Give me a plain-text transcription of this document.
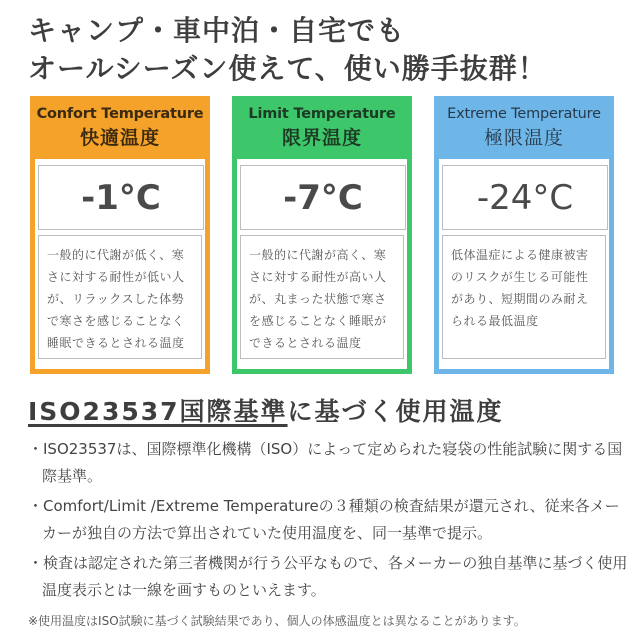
キャンプ・車中泊・自宅でも
オールシーズン使えて、使い勝手抜群！
Confort Temperature
快適温度
-1°C
一般的に代謝が低く、寒さに対する耐性が低い人が、リラックスした体勢で寒さを感じることなく睡眠できるとされる温度
Limit Temperature
限界温度
-7°C
一般的に代謝が高く、寒さに対する耐性が高い人が、丸まった状態で寒さを感じることなく睡眠ができるとされる温度
Extreme Temperature
極限温度
-24°C
低体温症による健康被害のリスクが生じる可能性があり、短期間のみ耐えられる最低温度
ISO23537国際基準に基づく使用温度
・ISO23537は、国際標準化機構（ISO）によって定められた寝袋の性能試験に関する国際基準。
・Comfort/Limit /Extreme Temperatureの３種類の検査結果が還元され、従来各メーカーが独自の方法で算出されていた使用温度を、同一基準で提示。
・検査は認定された第三者機関が行う公平なもので、各メーカーの独自基準に基づく使用温度表示とは一線を画すものといえます。
※使用温度はISO試験に基づく試験結果であり、個人の体感温度とは異なることがあります。
